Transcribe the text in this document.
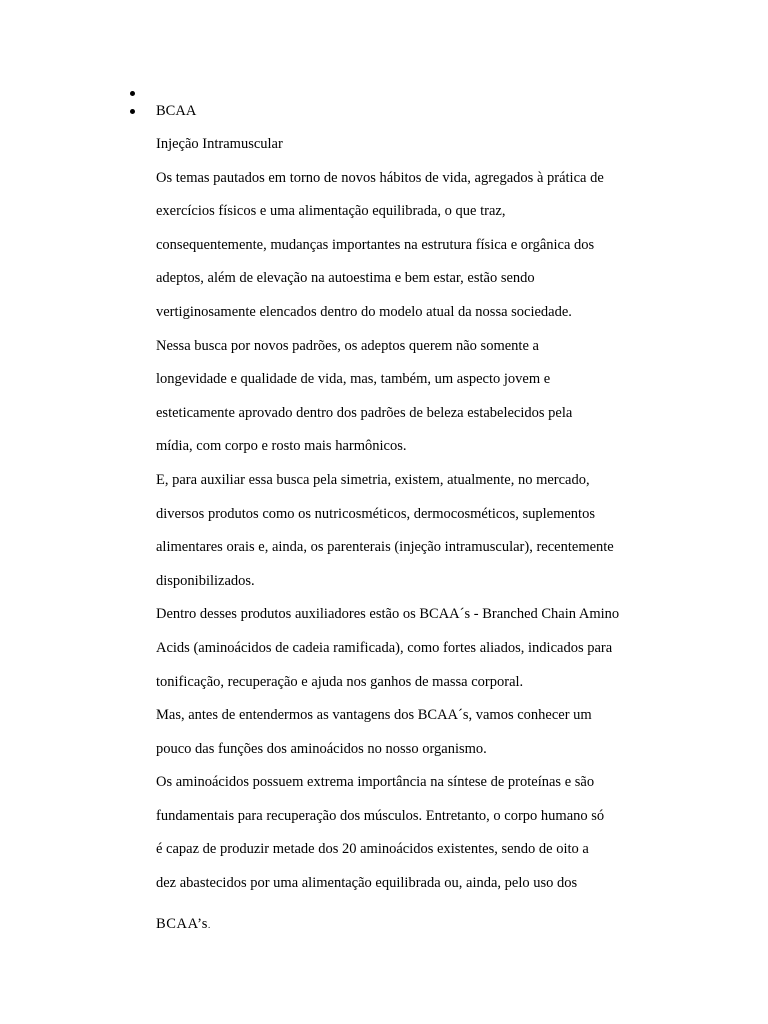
BCAA
Injeção Intramuscular
Os temas pautados em torno de novos hábitos de vida, agregados à prática de
exercícios físicos e uma alimentação equilibrada, o que traz,
consequentemente, mudanças importantes na estrutura física e orgânica dos
adeptos, além de elevação na autoestima e bem estar, estão sendo
vertiginosamente elencados dentro do modelo atual da nossa sociedade.
Nessa busca por novos padrões, os adeptos querem não somente a
longevidade e qualidade de vida, mas, também, um aspecto jovem e
esteticamente aprovado dentro dos padrões de beleza estabelecidos pela
mídia, com corpo e rosto mais harmônicos.
E, para auxiliar essa busca pela simetria, existem, atualmente, no mercado,
diversos produtos como os nutricosméticos, dermocosméticos, suplementos
alimentares orais e, ainda, os parenterais (injeção intramuscular), recentemente
disponibilizados.
Dentro desses produtos auxiliadores estão os BCAA´s - Branched Chain Amino
Acids (aminoácidos de cadeia ramificada), como fortes aliados, indicados para
tonificação, recuperação e ajuda nos ganhos de massa corporal.
Mas, antes de entendermos as vantagens dos BCAA´s, vamos conhecer um
pouco das funções dos aminoácidos no nosso organismo.
Os aminoácidos possuem extrema importância na síntese de proteínas e são
fundamentais para recuperação dos músculos. Entretanto, o corpo humano só
é capaz de produzir metade dos 20 aminoácidos existentes, sendo de oito a
dez abastecidos por uma alimentação equilibrada ou, ainda, pelo uso dos
BCAA’s.
